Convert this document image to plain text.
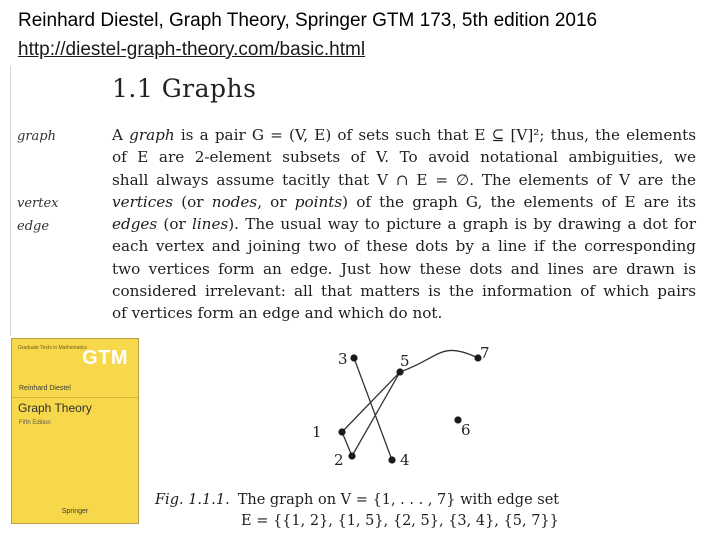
Reinhard Diestel, Graph Theory, Springer GTM 173, 5th edition 2016
http://diestel-graph-theory.com/basic.html
1.1 Graphs
graph
vertex
edge
A graph is a pair G = (V, E) of sets such that E ⊆ [V]²; thus, the elements
of E are 2-element subsets of V. To avoid notational ambiguities, we
shall always assume tacitly that V ∩ E = ∅. The elements of V are the
vertices (or nodes, or points) of the graph G, the elements of E are its
edges (or lines). The usual way to picture a graph is by drawing a dot for
each vertex and joining two of these dots by a line if the corresponding
two vertices form an edge. Just how these dots and lines are drawn is
considered irrelevant: all that matters is the information of which pairs
of vertices form an edge and which do not.
1
2
3
4
5
6
7
Fig. 1.1.1. The graph on V = {1, . . . , 7} with edge set
E = {{1, 2}, {1, 5}, {2, 5}, {3, 4}, {5, 7}}
Graduate Texts in Mathematics
GTM
Reinhard Diestel
Graph Theory
Fifth Edition
Springer
